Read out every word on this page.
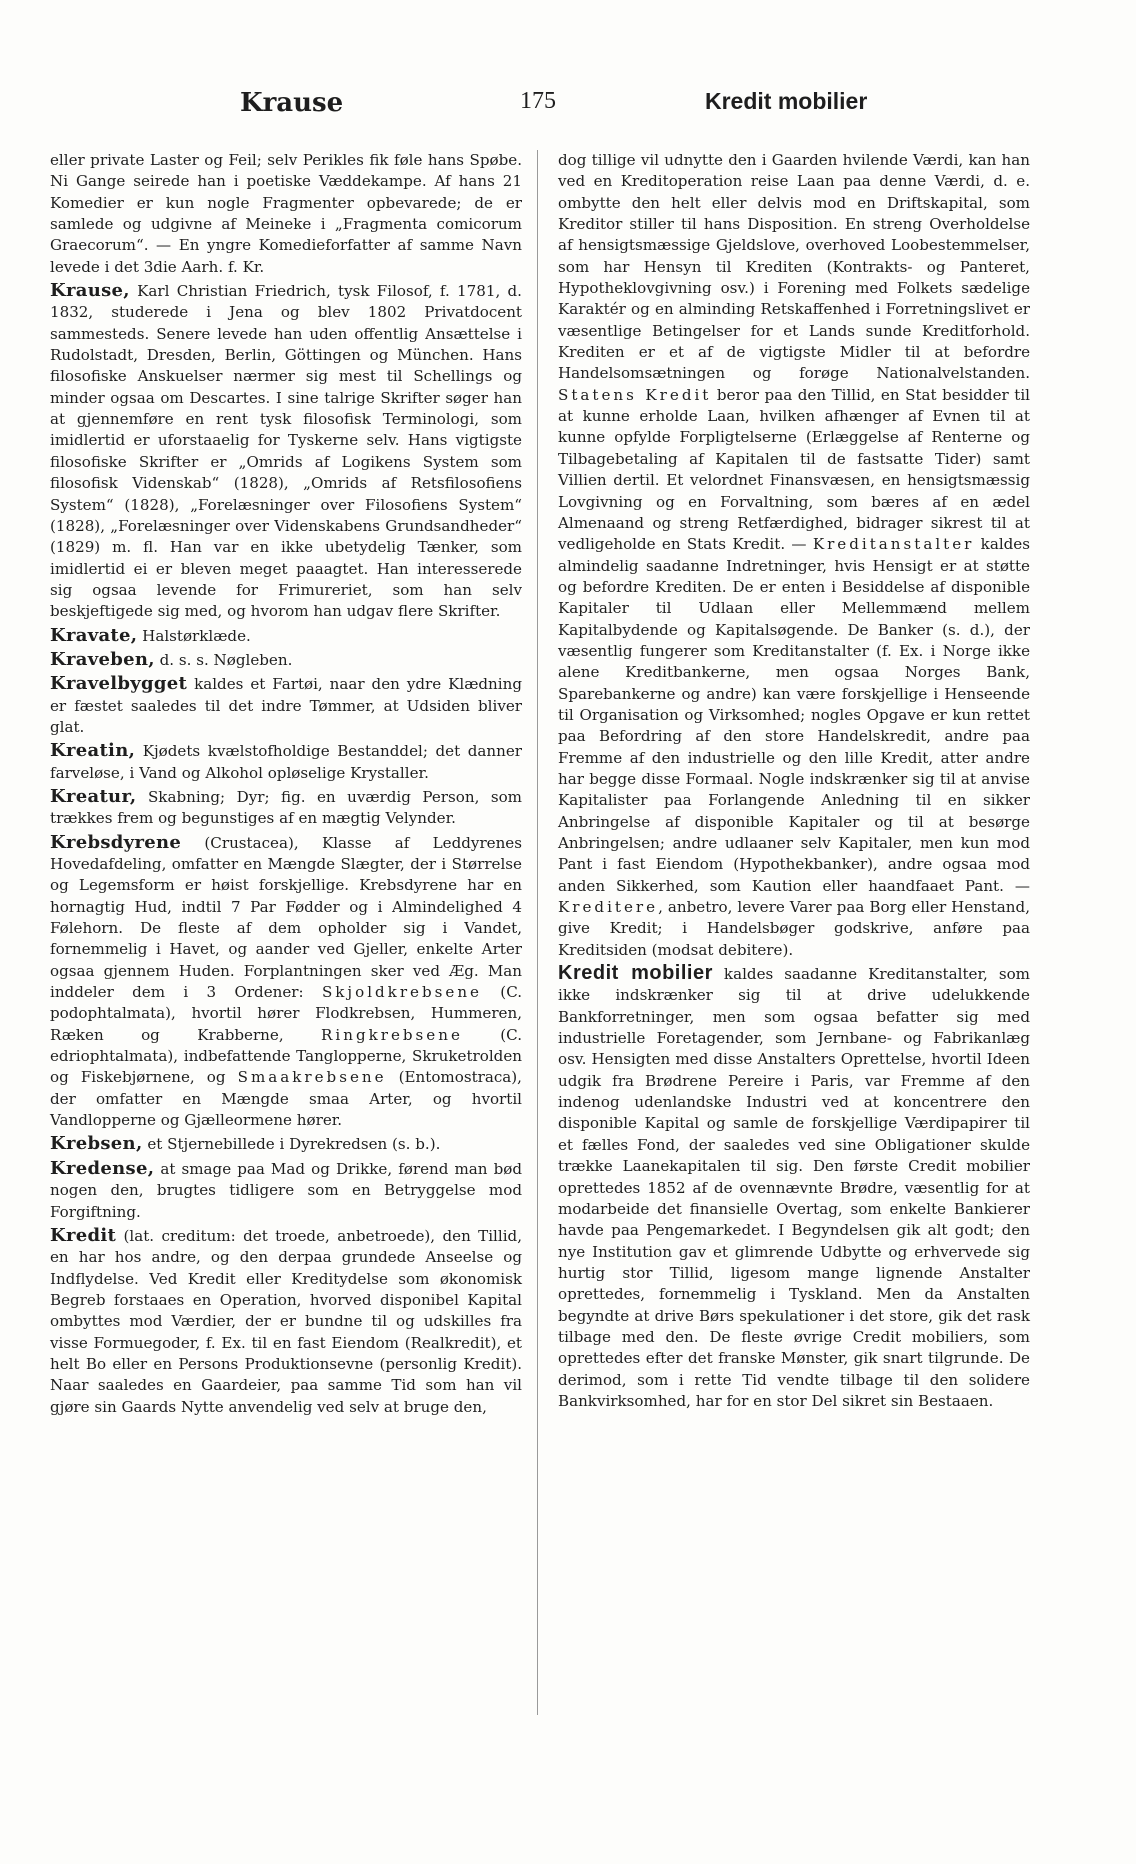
Krause	175	Kredit mobilier

eller private Laster og Feil; selv Perikles fik føle hans Spøbe. Ni Gange seirede han i poetiske Væddekampe. Af hans 21 Komedier er kun nogle Fragmenter opbevarede; de er samlede og udgivne af Meineke i „Fragmenta comicorum Graecorum“. — En yngre Komedieforfatter af samme Navn levede i det 3die Aarh. f. Kr.

Krause, Karl Christian Friedrich, tysk Filosof, f. 1781, d. 1832, studerede i Jena og blev 1802 Privatdocent sammesteds. Senere levede han uden offentlig Ansættelse i Rudolstadt, Dresden, Berlin, Göttingen og München. Hans filosofiske Anskuelser nærmer sig mest til Schellings og minder ogsaa om Descartes. I sine talrige Skrifter søger han at gjennemføre en rent tysk filosofisk Terminologi, som imidlertid er uforstaaelig for Tyskerne selv. Hans vigtigste filosofiske Skrifter er „Omrids af Logikens System som filosofisk Videnskab“ (1828), „Omrids af Retsfilosofiens System“ (1828), „Forelæsninger over Filosofiens System“ (1828), „Forelæsninger over Videnskabens Grundsandheder“ (1829) m. fl. Han var en ikke ubetydelig Tænker, som imidlertid ei er bleven meget paaagtet. Han interesserede sig ogsaa levende for Frimureriet, som han selv beskjeftigede sig med, og hvorom han udgav flere Skrifter.

Kravate, Halstørklæde.

Kraveben, d. s. s. Nøgleben.

Kravelbygget kaldes et Fartøi, naar den ydre Klædning er fæstet saaledes til det indre Tømmer, at Udsiden bliver glat.

Kreatin, Kjødets kvælstofholdige Bestanddel; det danner farveløse, i Vand og Alkohol opløselige Krystaller.

Kreatur, Skabning; Dyr; fig. en uværdig Person, som trækkes frem og begunstiges af en mægtig Velynder.

Krebsdyrene (Crustacea), Klasse af Leddyrenes Hovedafdeling, omfatter en Mængde Slægter, der i Størrelse og Legemsform er høist forskjellige. Krebsdyrene har en hornagtig Hud, indtil 7 Par Fødder og i Almindelighed 4 Følehorn. De fleste af dem opholder sig i Vandet, fornemmelig i Havet, og aander ved Gjeller, enkelte Arter ogsaa gjennem Huden. Forplantningen sker ved Æg. Man inddeler dem i 3 Ordener: Skjoldkrebsene (C. podophtalmata), hvortil hører Flodkrebsen, Hummeren, Ræken og Krabberne, Ringkrebsene (C. edriophtalmata), indbefattende Tanglopperne, Skruketrolden og Fiskebjørnene, og Smaakrebsene (Entomostraca), der omfatter en Mængde smaa Arter, og hvortil Vandlopperne og Gjælleormene hører.

Krebsen, et Stjernebillede i Dyrekredsen (s. b.).

Kredense, at smage paa Mad og Drikke, førend man bød nogen den, brugtes tidligere som en Betryggelse mod Forgiftning.

Kredit (lat. creditum: det troede, anbetroede), den Tillid, en har hos andre, og den derpaa grundede Anseelse og Indflydelse. Ved Kredit eller Kreditydelse som økonomisk Begreb forstaaes en Operation, hvorved disponibel Kapital ombyttes mod Værdier, der er bundne til og udskilles fra visse Formuegoder, f. Ex. til en fast Eiendom (Realkredit), et helt Bo eller en Persons Produktionsevne (personlig Kredit). Naar saaledes en Gaardeier, paa samme Tid som han vil gjøre sin Gaards Nytte anvendelig ved selv at bruge den,

dog tillige vil udnytte den i Gaarden hvilende Værdi, kan han ved en Kreditoperation reise Laan paa denne Værdi, d. e. ombytte den helt eller delvis mod en Driftskapital, som Kreditor stiller til hans Disposition. En streng Overholdelse af hensigtsmæssige Gjeldslove, overhoved Loobestemmelser, som har Hensyn til Krediten (Kontrakts- og Panteret, Hypotheklovgivning osv.) i Forening med Folkets sædelige Karaktér og en alminding Retskaffenhed i Forretningslivet er væsentlige Betingelser for et Lands sunde Kreditforhold. Krediten er et af de vigtigste Midler til at befordre Handelsomsætningen og forøge Nationalvelstanden. Statens Kredit beror paa den Tillid, en Stat besidder til at kunne erholde Laan, hvilken afhænger af Evnen til at kunne opfylde Forpligtelserne (Erlæggelse af Renterne og Tilbagebetaling af Kapitalen til de fastsatte Tider) samt Villien dertil. Et velordnet Finansvæsen, en hensigtsmæssig Lovgivning og en Forvaltning, som bæres af en ædel Almenaand og streng Retfærdighed, bidrager sikrest til at vedligeholde en Stats Kredit. — Kreditanstalter kaldes almindelig saadanne Indretninger, hvis Hensigt er at støtte og befordre Krediten. De er enten i Besiddelse af disponible Kapitaler til Udlaan eller Mellemmænd mellem Kapitalbydende og Kapitalsøgende. De Banker (s. d.), der væsentlig fungerer som Kreditanstalter (f. Ex. i Norge ikke alene Kreditbankerne, men ogsaa Norges Bank, Sparebankerne og andre) kan være forskjellige i Henseende til Organisation og Virksomhed; nogles Opgave er kun rettet paa Befordring af den store Handelskredit, andre paa Fremme af den industrielle og den lille Kredit, atter andre har begge disse Formaal. Nogle indskrænker sig til at anvise Kapitalister paa Forlangende Anledning til en sikker Anbringelse af disponible Kapitaler og til at besørge Anbringelsen; andre udlaaner selv Kapitaler, men kun mod Pant i fast Eiendom (Hypothekbanker), andre ogsaa mod anden Sikkerhed, som Kaution eller haandfaaet Pant. — Kreditere, anbetro, levere Varer paa Borg eller Henstand, give Kredit; i Handelsbøger godskrive, anføre paa Kreditsiden (modsat debitere).

Kredit mobilier kaldes saadanne Kreditanstalter, som ikke indskrænker sig til at drive udelukkende Bankforretninger, men som ogsaa befatter sig med industrielle Foretagender, som Jernbane- og Fabrikanlæg osv. Hensigten med disse Anstalters Oprettelse, hvortil Ideen udgik fra Brødrene Pereire i Paris, var Fremme af den indenog udenlandske Industri ved at koncentrere den disponible Kapital og samle de forskjellige Værdipapirer til et fælles Fond, der saaledes ved sine Obligationer skulde trække Laanekapitalen til sig. Den første Credit mobilier oprettedes 1852 af de ovennævnte Brødre, væsentlig for at modarbeide det finansielle Overtag, som enkelte Bankierer havde paa Pengemarkedet. I Begyndelsen gik alt godt; den nye Institution gav et glimrende Udbytte og erhvervede sig hurtig stor Tillid, ligesom mange lignende Anstalter oprettedes, fornemmelig i Tyskland. Men da Anstalten begyndte at drive Børs spekulationer i det store, gik det rask tilbage med den. De fleste øvrige Credit mobiliers, som oprettedes efter det franske Mønster, gik snart tilgrunde. De derimod, som i rette Tid vendte tilbage til den solidere Bankvirksomhed, har for en stor Del sikret sin Bestaaen.
